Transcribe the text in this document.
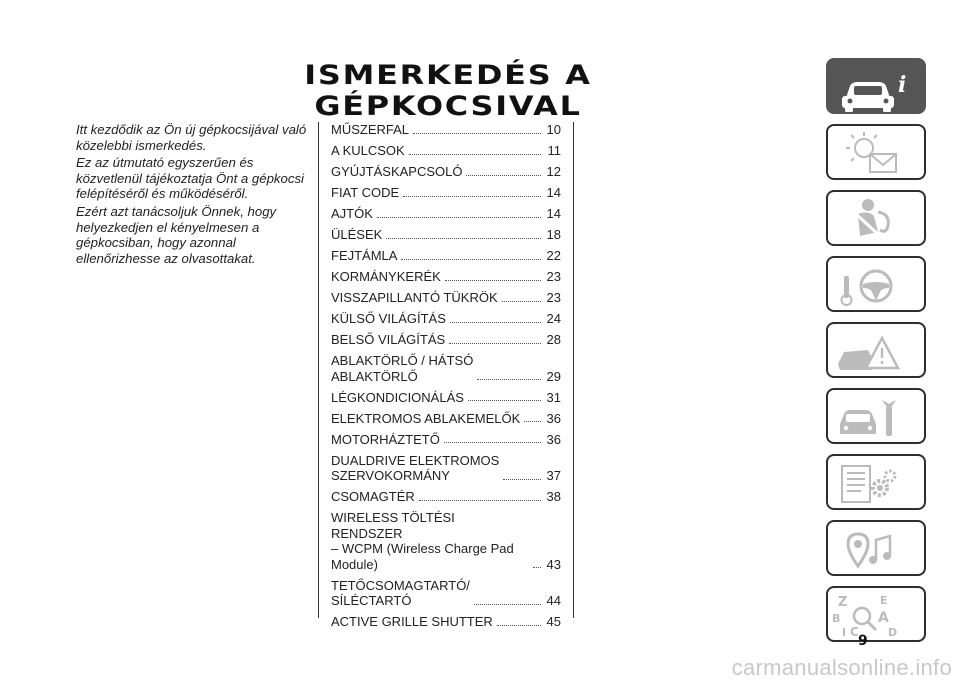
ISMERKEDÉS A GÉPKOCSIVAL

Itt kezdődik az Ön új gépkocsijával való közelebbi ismerkedés.

Ez az útmutató egyszerűen és közvetlenül tájékoztatja Önt a gépkocsi felépítéséről és működéséről.

Ezért azt tanácsoljuk Önnek, hogy helyezkedjen el kényelmesen a gépkocsiban, hogy azonnal ellenőrizhesse az olvasottakat.

MŰSZERFAL	10
A KULCSOK	11
GYÚJTÁSKAPCSOLÓ	12
FIAT CODE	14
AJTÓK	14
ÜLÉSEK	18
FEJTÁMLA	22
KORMÁNYKERÉK	23
VISSZAPILLANTÓ TÜKRÖK	23
KÜLSŐ VILÁGÍTÁS	24
BELSŐ VILÁGÍTÁS	28
ABLAKTÖRLŐ / HÁTSÓ
ABLAKTÖRLŐ	29
LÉGKONDICIONÁLÁS	31
ELEKTROMOS ABLAKEMELŐK 36
MOTORHÁZTETŐ	36
DUALDRIVE ELEKTROMOS
SZERVOKORMÁNY	37
CSOMAGTÉR	38
WIRELESS TÖLTÉSI RENDSZER
– WCPM (Wireless Charge Pad
Module)	43
TETŐCSOMAGTARTÓ/
SÍLÉCTARTÓ	44
ACTIVE GRILLE SHUTTER	45
i
Z	E
B	A
C	D
I
9
carmanualsonline.info
